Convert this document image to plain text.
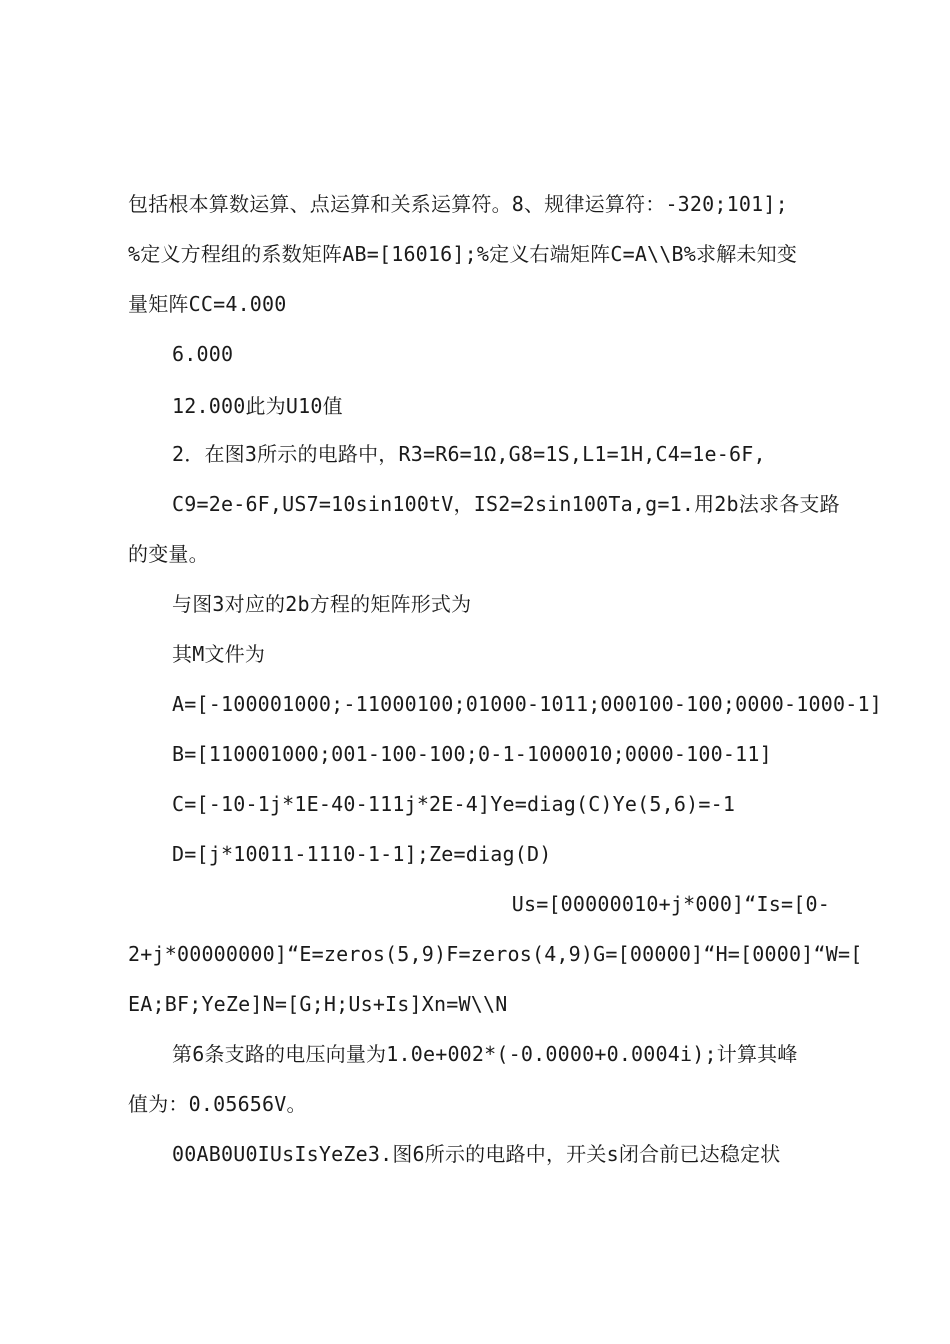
包括根本算数运算、点运算和关系运算符。8、规律运算符：-320;101];
%定义方程组的系数矩阵AB=[16016];%定义右端矩阵C=A\\B%求解未知变
量矩阵CC=4.000
6.000
12.000此为U10值
2．在图3所示的电路中，R3=R6=1Ω,G8=1S,L1=1H,C4=1e-6F,
C9=2e-6F,US7=10sin100tV，IS2=2sin100Ta,g=1.用2b法求各支路
的变量。
与图3对应的2b方程的矩阵形式为
其M文件为
A=[-100001000;-11000100;01000-1011;000100-100;0000-1000-1]
B=[110001000;001-100-100;0-1-1000010;0000-100-11]
C=[-10-1j*1E-40-111j*2E-4]Ye=diag(C)Ye(5,6)=-1
D=[j*10011-1110-1-1];Ze=diag(D)
Us=[00000010+j*000]“Is=[0-
2+j*00000000]“E=zeros(5,9)F=zeros(4,9)G=[00000]“H=[0000]“W=[
EA;BF;YeZe]N=[G;H;Us+Is]Xn=W\\N
第6条支路的电压向量为1.0e+002*(-0.0000+0.0004i);计算其峰
值为：0.05656V。
00AB0U0IUsIsYeZe3.图6所示的电路中，开关s闭合前已达稳定状
